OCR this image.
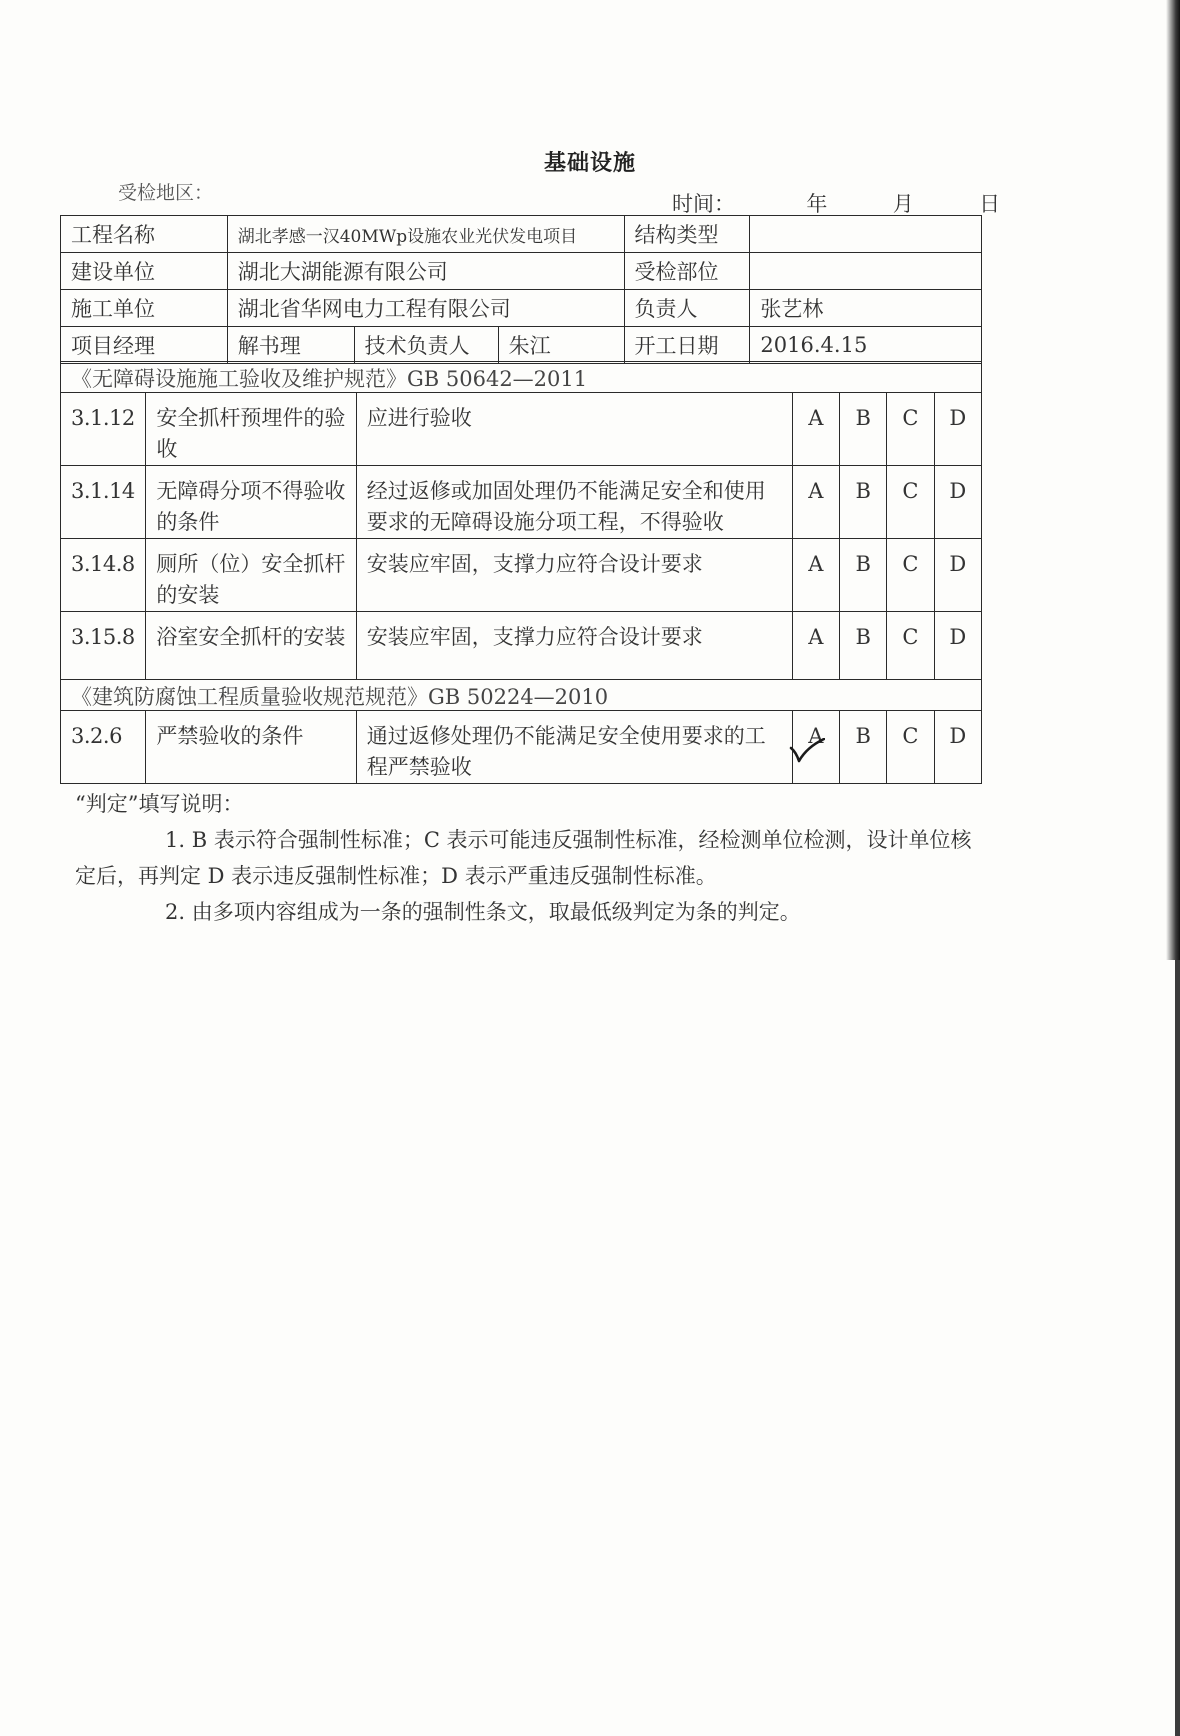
基础设施
受检地区：	时间：	年	月	日
工程名称	湖北孝感一汉40MWp设施农业光伏发电项目			结构类型	
建设单位	湖北大湖能源有限公司			受检部位	
施工单位	湖北省华网电力工程有限公司			负责人	张艺林
项目经理	解书理	技术负责人	朱江	开工日期	2016.4.15
《无障碍设施施工验收及维护规范》GB 50642—2011						
3.1.12	安全抓杆预埋件的验收	应进行验收	A	B	C	D
3.1.14	无障碍分项不得验收的条件	经过返修或加固处理仍不能满足安全和使用要求的无障碍设施分项工程，不得验收	A	B	C	D
3.14.8	厕所（位）安全抓杆的安装	安装应牢固，支撑力应符合设计要求	A	B	C	D
3.15.8	浴室安全抓杆的安装	安装应牢固，支撑力应符合设计要求	A	B	C	D
《建筑防腐蚀工程质量验收规范规范》GB 50224—2010						
3.2.6	严禁验收的条件	通过返修处理仍不能满足安全使用要求的工程严禁验收	A	B	C	D

“判定”填写说明：

1. B 表示符合强制性标准；C 表示可能违反强制性标准，经检测单位检测，设计单位核定后，再判定 D 表示违反强制性标准；D 表示严重违反强制性标准。

2. 由多项内容组成为一条的强制性条文，取最低级判定为条的判定。
